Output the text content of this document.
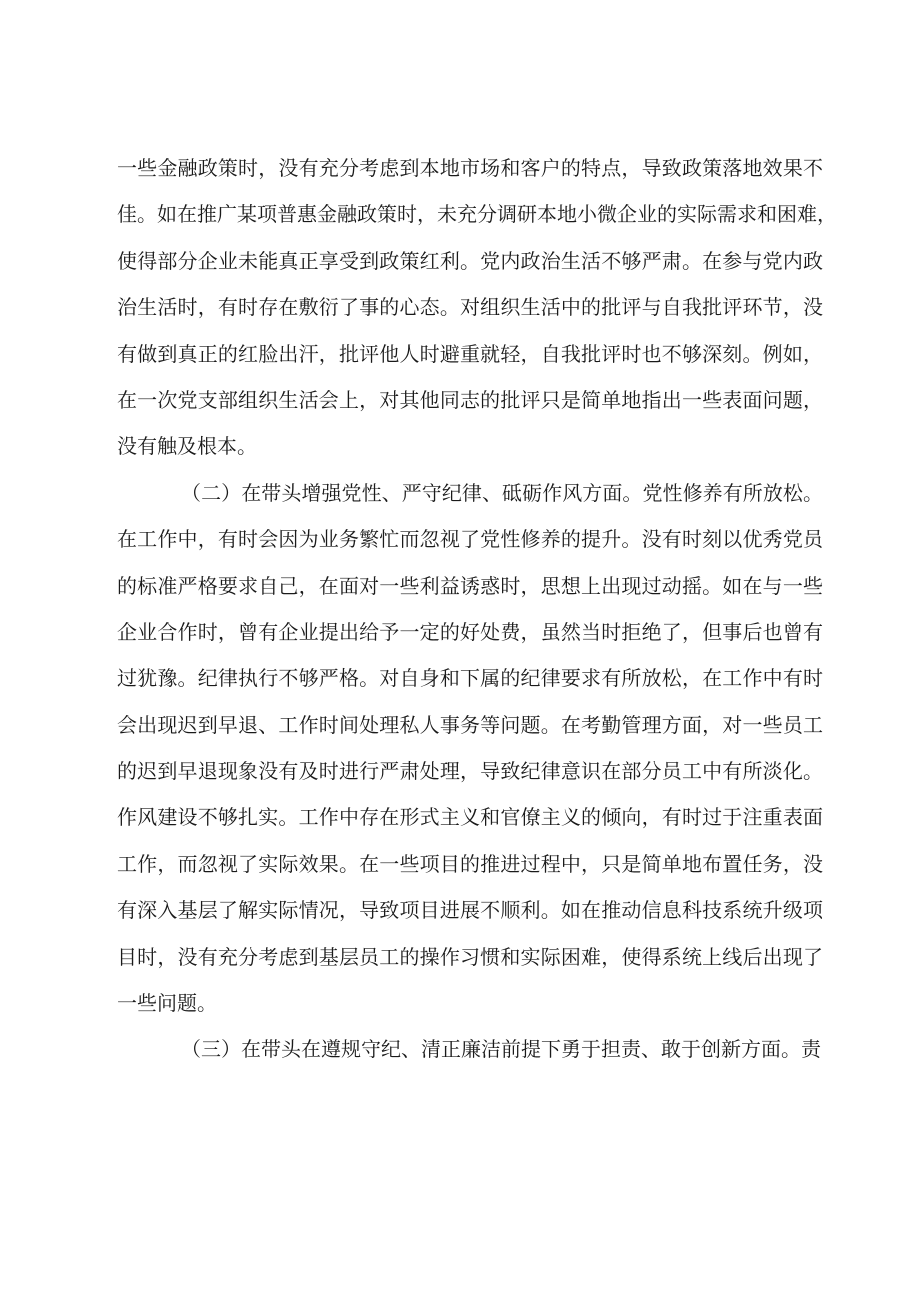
一些金融政策时，没有充分考虑到本地市场和客户的特点，导致政策落地效果不
佳。如在推广某项普惠金融政策时，未充分调研本地小微企业的实际需求和困难，
使得部分企业未能真正享受到政策红利。党内政治生活不够严肃。在参与党内政
治生活时，有时存在敷衍了事的心态。对组织生活中的批评与自我批评环节，没
有做到真正的红脸出汗，批评他人时避重就轻，自我批评时也不够深刻。例如，
在一次党支部组织生活会上，对其他同志的批评只是简单地指出一些表面问题，
没有触及根本。
（二）在带头增强党性、严守纪律、砥砺作风方面。党性修养有所放松。
在工作中，有时会因为业务繁忙而忽视了党性修养的提升。没有时刻以优秀党员
的标准严格要求自己，在面对一些利益诱惑时，思想上出现过动摇。如在与一些
企业合作时，曾有企业提出给予一定的好处费，虽然当时拒绝了，但事后也曾有
过犹豫。纪律执行不够严格。对自身和下属的纪律要求有所放松，在工作中有时
会出现迟到早退、工作时间处理私人事务等问题。在考勤管理方面，对一些员工
的迟到早退现象没有及时进行严肃处理，导致纪律意识在部分员工中有所淡化。
作风建设不够扎实。工作中存在形式主义和官僚主义的倾向，有时过于注重表面
工作，而忽视了实际效果。在一些项目的推进过程中，只是简单地布置任务，没
有深入基层了解实际情况，导致项目进展不顺利。如在推动信息科技系统升级项
目时，没有充分考虑到基层员工的操作习惯和实际困难，使得系统上线后出现了
一些问题。
（三）在带头在遵规守纪、清正廉洁前提下勇于担责、敢于创新方面。责
